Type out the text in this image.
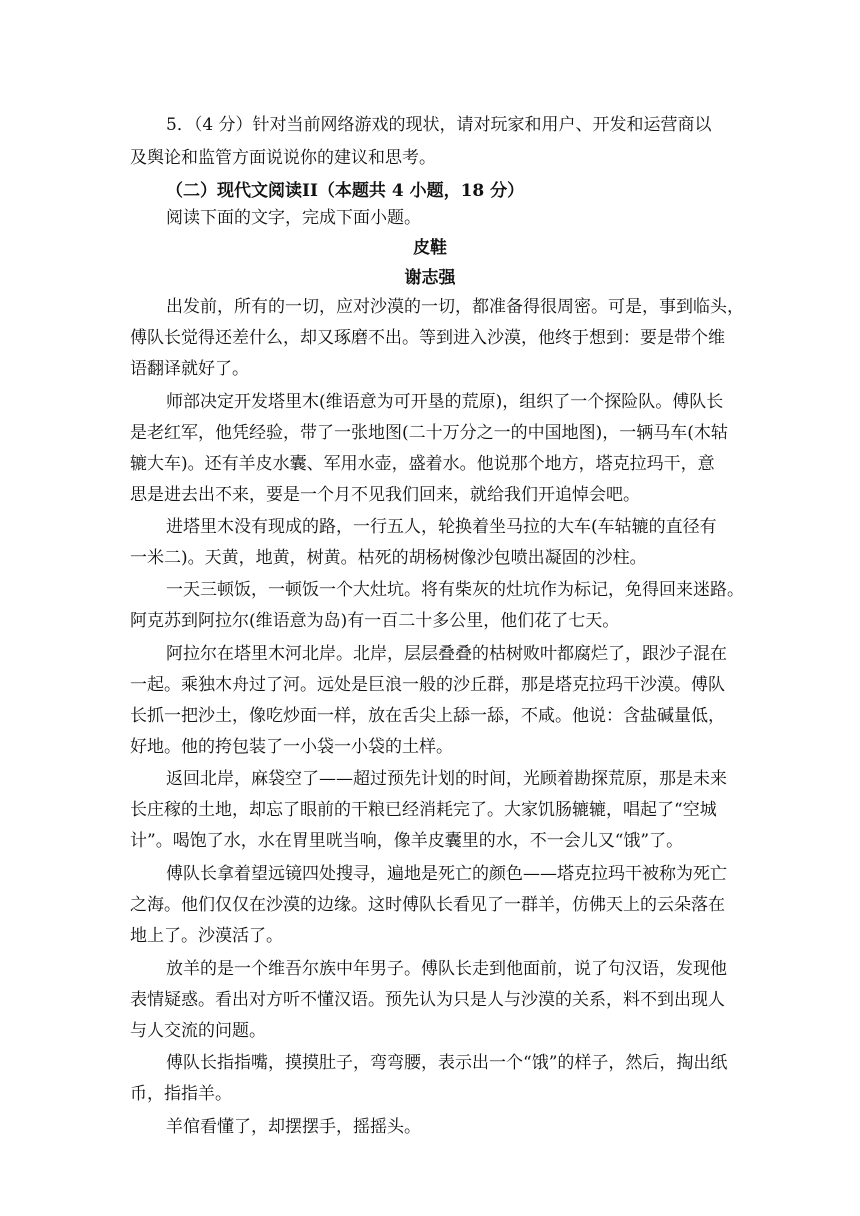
5．（4 分）针对当前网络游戏的现状，请对玩家和用户、开发和运营商以
及舆论和监管方面说说你的建议和思考。
（二）现代文阅读II（本题共 4 小题，18 分）
阅读下面的文字，完成下面小题。
皮鞋
谢志强
出发前，所有的一切，应对沙漠的一切，都准备得很周密。可是，事到临头，
傅队长觉得还差什么，却又琢磨不出。等到进入沙漠，他终于想到：要是带个维
语翻译就好了。
师部决定开发塔里木(维语意为可开垦的荒原)，组织了一个探险队。傅队长
是老红军，他凭经验，带了一张地图(二十万分之一的中国地图)，一辆马车(木轱
辘大车)。还有羊皮水囊、军用水壶，盛着水。他说那个地方，塔克拉玛干，意
思是进去出不来，要是一个月不见我们回来，就给我们开追悼会吧。
进塔里木没有现成的路，一行五人，轮换着坐马拉的大车(车轱辘的直径有
一米二)。天黄，地黄，树黄。枯死的胡杨树像沙包喷出凝固的沙柱。
一天三顿饭，一顿饭一个大灶坑。将有柴灰的灶坑作为标记，免得回来迷路。
阿克苏到阿拉尔(维语意为岛)有一百二十多公里，他们花了七天。
阿拉尔在塔里木河北岸。北岸，层层叠叠的枯树败叶都腐烂了，跟沙子混在
一起。乘独木舟过了河。远处是巨浪一般的沙丘群，那是塔克拉玛干沙漠。傅队
长抓一把沙土，像吃炒面一样，放在舌尖上舔一舔，不咸。他说：含盐碱量低，
好地。他的挎包装了一小袋一小袋的土样。
返回北岸，麻袋空了——超过预先计划的时间，光顾着勘探荒原，那是未来
长庄稼的土地，却忘了眼前的干粮已经消耗完了。大家饥肠辘辘，唱起了“空城
计”。喝饱了水，水在胃里咣当响，像羊皮囊里的水，不一会儿又“饿”了。
傅队长拿着望远镜四处搜寻，遍地是死亡的颜色——塔克拉玛干被称为死亡
之海。他们仅仅在沙漠的边缘。这时傅队长看见了一群羊，仿佛天上的云朵落在
地上了。沙漠活了。
放羊的是一个维吾尔族中年男子。傅队长走到他面前，说了句汉语，发现他
表情疑惑。看出对方听不懂汉语。预先认为只是人与沙漠的关系，料不到出现人
与人交流的问题。
傅队长指指嘴，摸摸肚子，弯弯腰，表示出一个“饿”的样子，然后，掏出纸
币，指指羊。
羊倌看懂了，却摆摆手，摇摇头。
